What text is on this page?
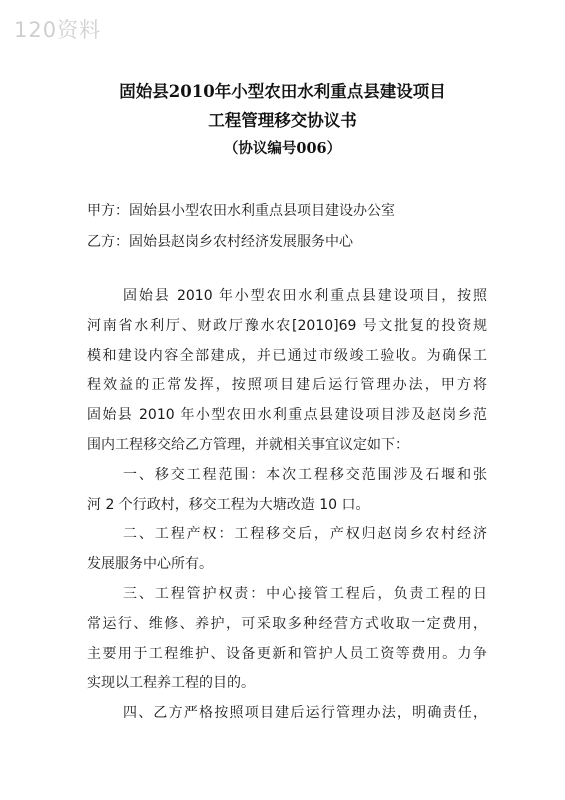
120资料
固始县2010年小型农田水利重点县建设项目
工程管理移交协议书
（协议编号006）
甲方：固始县小型农田水利重点县项目建设办公室
乙方：固始县赵岗乡农村经济发展服务中心
固始县 2010 年小型农田水利重点县建设项目，按照
河南省水利厅、财政厅豫水农[2010]69 号文批复的投资规
模和建设内容全部建成，并已通过市级竣工验收。为确保工
程效益的正常发挥，按照项目建后运行管理办法，甲方将
固始县 2010 年小型农田水利重点县建设项目涉及赵岗乡范
围内工程移交给乙方管理，并就相关事宜议定如下：
一、移交工程范围：本次工程移交范围涉及石堰和张
河 2 个行政村，移交工程为大塘改造 10 口。
二、工程产权：工程移交后，产权归赵岗乡农村经济
发展服务中心所有。
三、工程管护权责：中心接管工程后，负责工程的日
常运行、维修、养护，可采取多种经营方式收取一定费用，
主要用于工程维护、设备更新和管护人员工资等费用。力争
实现以工程养工程的目的。
四、乙方严格按照项目建后运行管理办法，明确责任，
